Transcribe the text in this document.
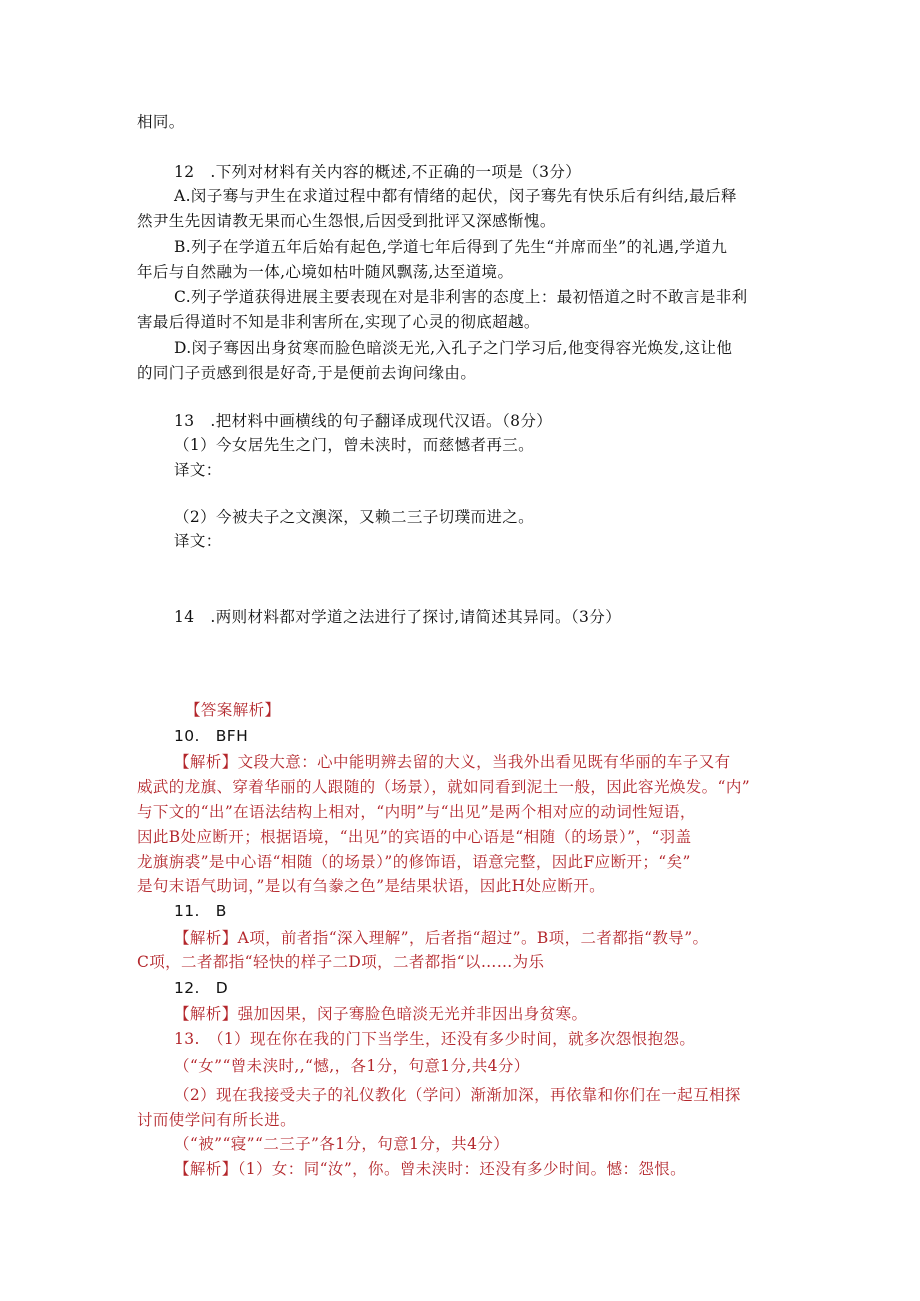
相同。
12　.下列对材料有关内容的概述,不正确的一项是（3分）
A.闵子骞与尹生在求道过程中都有情绪的起伏，闵子骞先有快乐后有纠结,最后释
然尹生先因请教无果而心生怨恨,后因受到批评又深感惭愧。
B.列子在学道五年后始有起色,学道七年后得到了先生“并席而坐”的礼遇,学道九
年后与自然融为一体,心境如枯叶随风飘荡,达至道境。
C.列子学道获得进展主要表现在对是非利害的态度上：最初悟道之时不敢言是非利
害最后得道时不知是非利害所在,实现了心灵的彻底超越。
D.闵子骞因出身贫寒而脸色暗淡无光,入孔子之门学习后,他变得容光焕发,这让他
的同门子贡感到很是好奇,于是便前去询问缘由。
13　.把材料中画横线的句子翻译成现代汉语。（8分）
（1）今女居先生之门，曾未浃时，而慈憾者再三。
译文：
（2）今被夫子之文澳深，又赖二三子切璞而进之。
译文：
14　.两则材料都对学道之法进行了探讨,请简述其异同。（3分）
【答案解析】
10.　BFH
【解析】文段大意：心中能明辨去留的大义，当我外出看见既有华丽的车子又有
威武的龙旗、穿着华丽的人跟随的（场景），就如同看到泥土一般，因此容光焕发。“内”
与下文的“出”在语法结构上相对，“内明”与“出见”是两个相对应的动词性短语，
因此B处应断开；根据语境，“出见”的宾语的中心语是“相随（的场景）”，“羽盖
龙旗旃裘”是中心语“相随（的场景）”的修饰语，语意完整，因此F应断开；“矣”
是句末语气助词，”是以有刍豢之色”是结果状语，因此H处应断开。
11.　B
【解析】A项，前者指“深入理解”，后者指“超过”。B项，二者都指“教导”。
C项，二者都指“轻快的样子二D项，二者都指“以……为乐
12.　D
【解析】强加因果，闵子骞脸色暗淡无光并非因出身贫寒。
13.　（1）现在你在我的门下当学生，还没有多少时间，就多次怨恨抱怨。
（“女”“曾未浃时,,“憾,，各1分，句意1分,共4分）
（2）现在我接受夫子的礼仪教化（学问）渐渐加深，再依靠和你们在一起互相探
讨而使学问有所长进。
（“被”“寝”“二三子”各1分，句意1分，共4分）
【解析】（1）女：同“汝”，你。曾未浃时：还没有多少时间。憾：怨恨。
